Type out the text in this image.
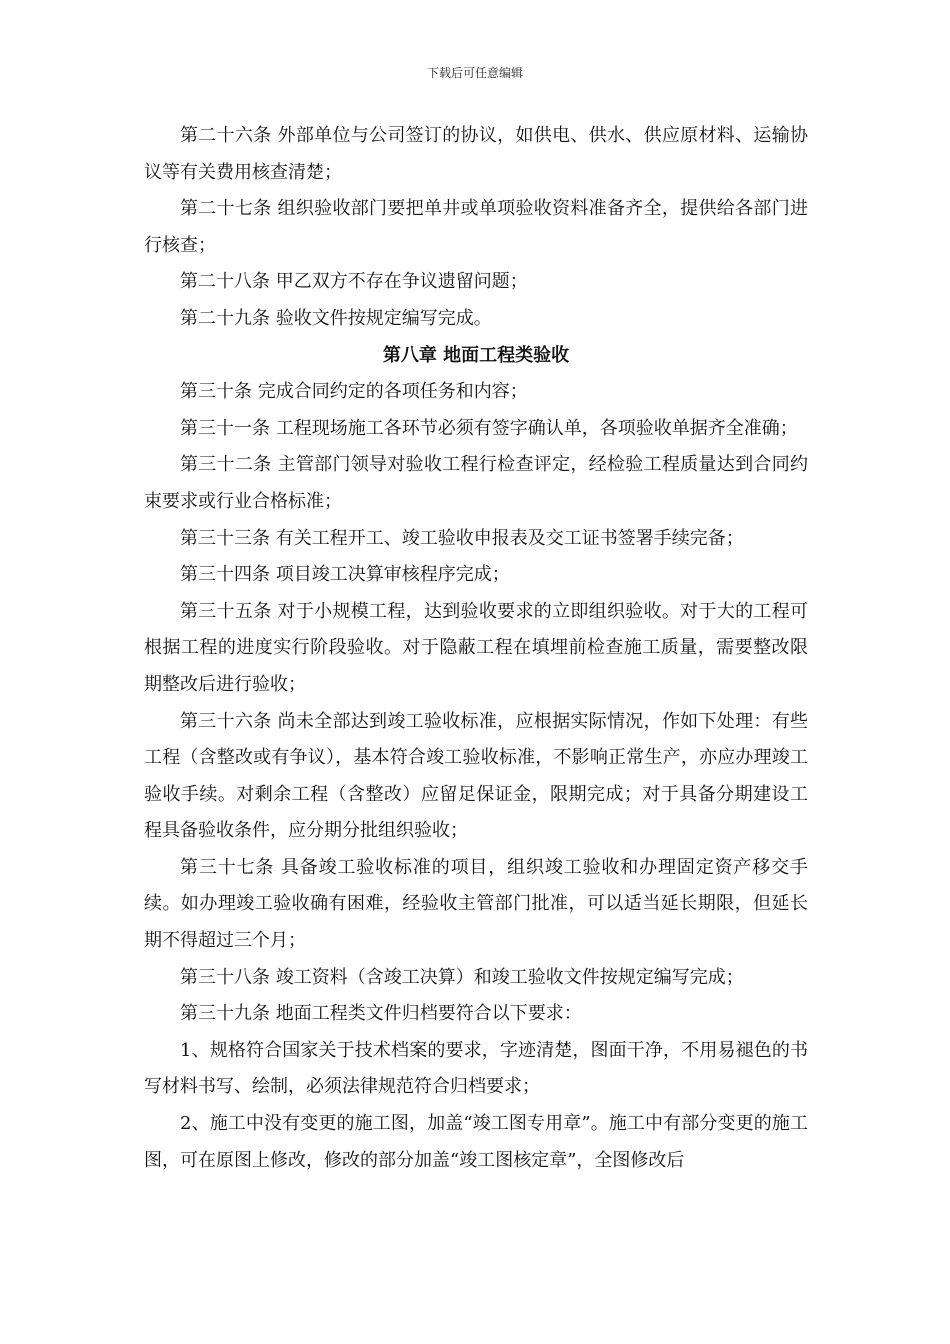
下载后可任意编辑

第二十六条 外部单位与公司签订的协议，如供电、供水、供应原材料、运输协议等有关费用核查清楚；

第二十七条 组织验收部门要把单井或单项验收资料准备齐全，提供给各部门进行核查；

第二十八条 甲乙双方不存在争议遗留问题；

第二十九条 验收文件按规定编写完成。

第八章 地面工程类验收

第三十条 完成合同约定的各项任务和内容；

第三十一条 工程现场施工各环节必须有签字确认单，各项验收单据齐全准确；

第三十二条 主管部门领导对验收工程行检查评定，经检验工程质量达到合同约束要求或行业合格标准；

第三十三条 有关工程开工、竣工验收申报表及交工证书签署手续完备；

第三十四条 项目竣工决算审核程序完成；

第三十五条 对于小规模工程，达到验收要求的立即组织验收。对于大的工程可根据工程的进度实行阶段验收。对于隐蔽工程在填埋前检查施工质量，需要整改限期整改后进行验收；

第三十六条 尚未全部达到竣工验收标准，应根据实际情况，作如下处理：有些工程（含整改或有争议），基本符合竣工验收标准，不影响正常生产，亦应办理竣工验收手续。对剩余工程（含整改）应留足保证金，限期完成；对于具备分期建设工程具备验收条件，应分期分批组织验收；

第三十七条 具备竣工验收标准的项目，组织竣工验收和办理固定资产移交手续。如办理竣工验收确有困难，经验收主管部门批准，可以适当延长期限，但延长期不得超过三个月；

第三十八条 竣工资料（含竣工决算）和竣工验收文件按规定编写完成；

第三十九条 地面工程类文件归档要符合以下要求：

1、规格符合国家关于技术档案的要求，字迹清楚，图面干净，不用易褪色的书写材料书写、绘制，必须法律规范符合归档要求；

2、施工中没有变更的施工图，加盖“竣工图专用章”。施工中有部分变更的施工图，可在原图上修改，修改的部分加盖“竣工图核定章”，全图修改后
